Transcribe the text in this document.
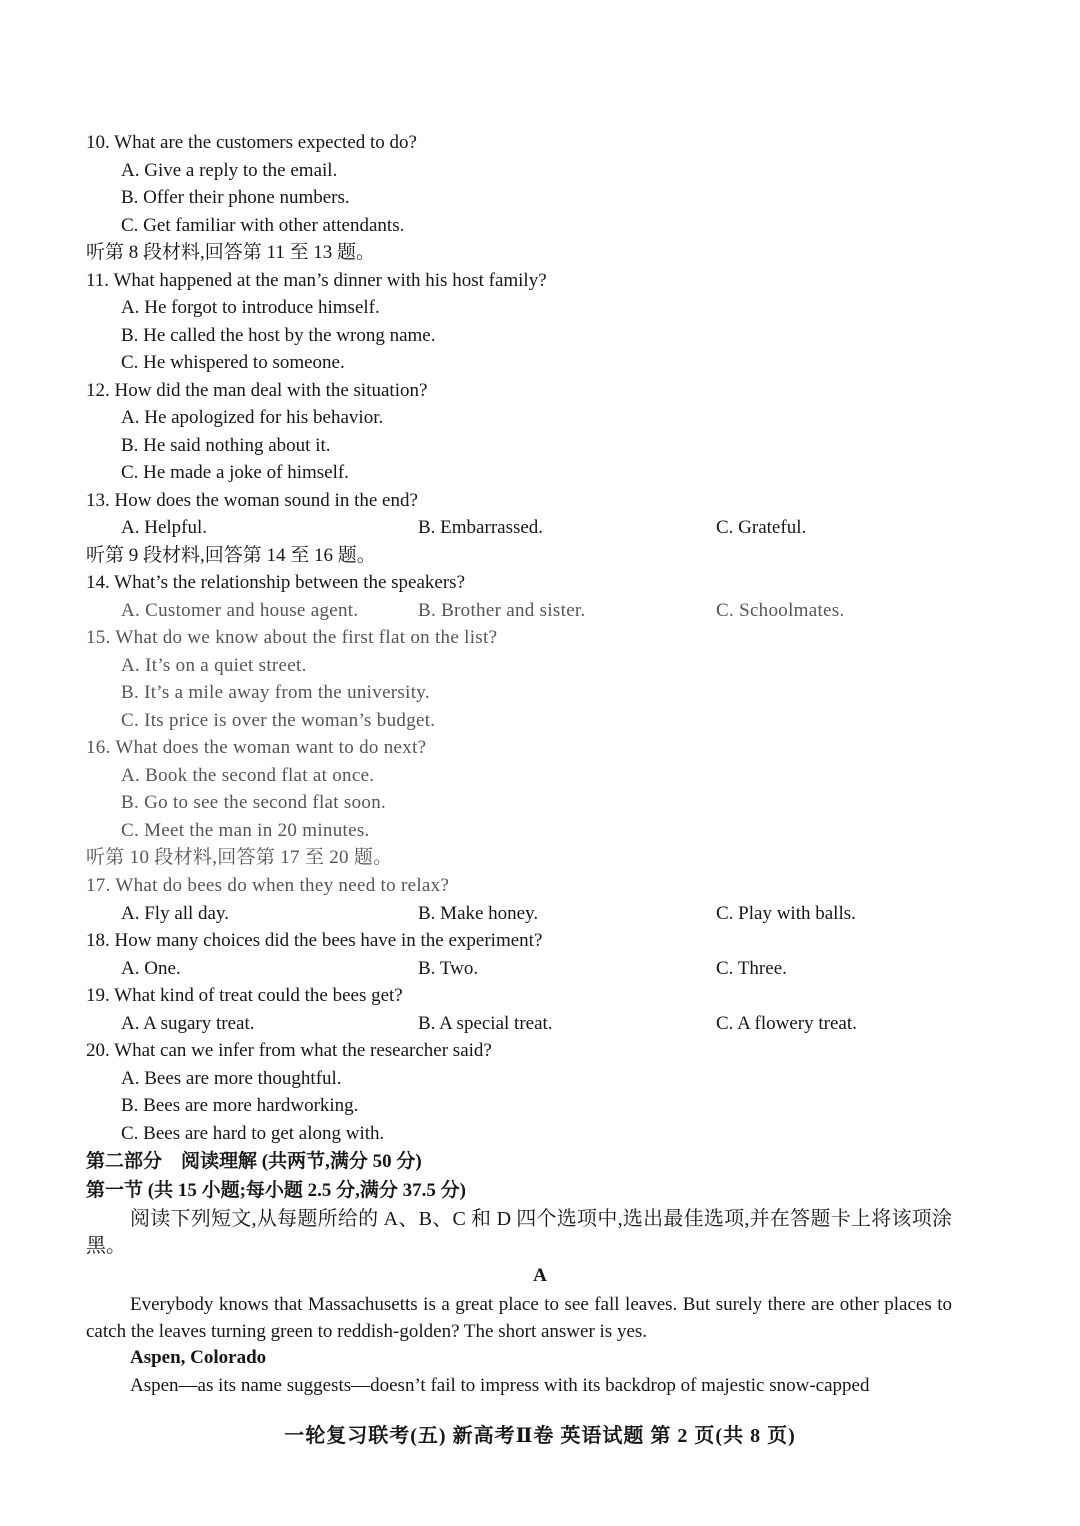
10. What are the customers expected to do?
A. Give a reply to the email.
B. Offer their phone numbers.
C. Get familiar with other attendants.
听第 8 段材料,回答第 11 至 13 题。
11. What happened at the man’s dinner with his host family?
A. He forgot to introduce himself.
B. He called the host by the wrong name.
C. He whispered to someone.
12. How did the man deal with the situation?
A. He apologized for his behavior.
B. He said nothing about it.
C. He made a joke of himself.
13. How does the woman sound in the end?
A. Helpful.	B. Embarrassed.	C. Grateful.
听第 9 段材料,回答第 14 至 16 题。
14. What’s the relationship between the speakers?
A. Customer and house agent.	B. Brother and sister.	C. Schoolmates.
15. What do we know about the first flat on the list?
A. It’s on a quiet street.
B. It’s a mile away from the university.
C. Its price is over the woman’s budget.
16. What does the woman want to do next?
A. Book the second flat at once.
B. Go to see the second flat soon.
C. Meet the man in 20 minutes.
听第 10 段材料,回答第 17 至 20 题。
17. What do bees do when they need to relax?
A. Fly all day.	B. Make honey.	C. Play with balls.
18. How many choices did the bees have in the experiment?
A. One.	B. Two.	C. Three.
19. What kind of treat could the bees get?
A. A sugary treat.	B. A special treat.	C. A flowery treat.
20. What can we infer from what the researcher said?
A. Bees are more thoughtful.
B. Bees are more hardworking.
C. Bees are hard to get along with.
第二部分　阅读理解 (共两节,满分 50 分)
第一节 (共 15 小题;每小题 2.5 分,满分 37.5 分)
阅读下列短文,从每题所给的 A、B、C 和 D 四个选项中,选出最佳选项,并在答题卡上将该项涂黑。
A
Everybody knows that Massachusetts is a great place to see fall leaves. But surely there are other places to catch the leaves turning green to reddish-golden? The short answer is yes.
Aspen, Colorado
Aspen—as its name suggests—doesn’t fail to impress with its backdrop of majestic snow-capped
一轮复习联考(五) 新高考Ⅱ卷 英语试题 第 2 页(共 8 页)
